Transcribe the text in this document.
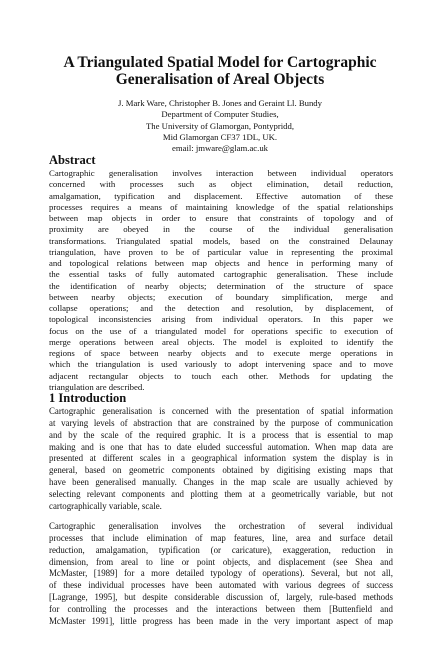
A Triangulated Spatial Model for Cartographic
Generalisation of Areal Objects
J. Mark Ware, Christopher B. Jones and Geraint Ll. Bundy
Department of Computer Studies,
The University of Glamorgan, Pontypridd,
Mid Glamorgan CF37 1DL, UK.
email: jmware@glam.ac.uk
Abstract
Cartographic generalisation involves interaction between individual operators
concerned with processes such as object elimination, detail reduction,
amalgamation, typification and displacement. Effective automation of these
processes requires a means of maintaining knowledge of the spatial relationships
between map objects in order to ensure that constraints of topology and of
proximity are obeyed in the course of the individual generalisation
transformations. Triangulated spatial models, based on the constrained Delaunay
triangulation, have proven to be of particular value in representing the proximal
and topological relations between map objects and hence in performing many of
the essential tasks of fully automated cartographic generalisation. These include
the identification of nearby objects; determination of the structure of space
between nearby objects; execution of boundary simplification, merge and
collapse operations; and the detection and resolution, by displacement, of
topological inconsistencies arising from individual operators. In this paper we
focus on the use of a triangulated model for operations specific to execution of
merge operations between areal objects. The model is exploited to identify the
regions of space between nearby objects and to execute merge operations in
which the triangulation is used variously to adopt intervening space and to move
adjacent rectangular objects to touch each other. Methods for updating the
triangulation are described.
1 Introduction
Cartographic generalisation is concerned with the presentation of spatial information
at varying levels of abstraction that are constrained by the purpose of communication
and by the scale of the required graphic. It is a process that is essential to map
making and is one that has to date eluded successful automation. When map data are
presented at different scales in a geographical information system the display is in
general, based on geometric components obtained by digitising existing maps that
have been generalised manually. Changes in the map scale are usually achieved by
selecting relevant components and plotting them at a geometrically variable, but not
cartographically variable, scale.
Cartographic generalisation involves the orchestration of several individual
processes that include elimination of map features, line, area and surface detail
reduction, amalgamation, typification (or caricature), exaggeration, reduction in
dimension, from areal to line or point objects, and displacement (see Shea and
McMaster, [1989] for a more detailed typology of operations). Several, but not all,
of these individual processes have been automated with various degrees of success
[Lagrange, 1995], but despite considerable discussion of, largely, rule-based methods
for controlling the processes and the interactions between them [Buttenfield and
McMaster 1991], little progress has been made in the very important aspect of map
